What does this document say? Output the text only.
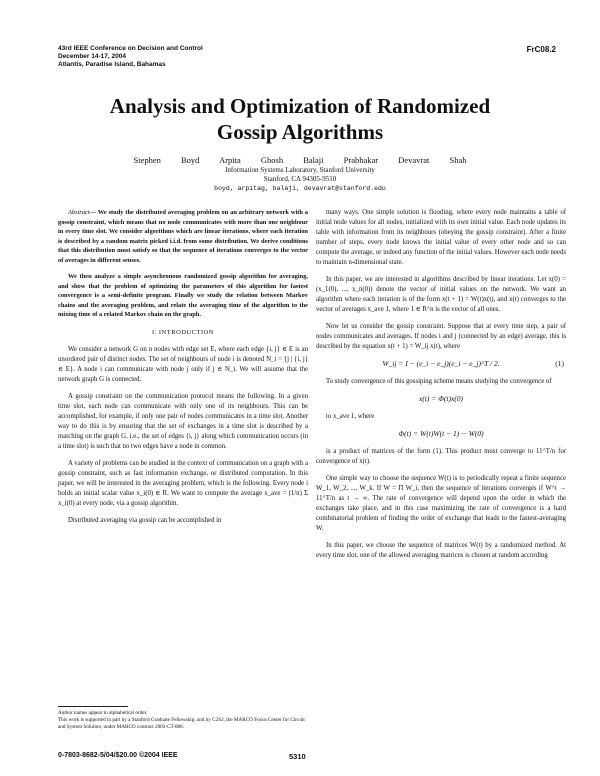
43rd IEEE Conference on Decision and Control
December 14-17, 2004
Atlantis, Paradise Island, Bahamas
FrC08.2
Analysis and Optimization of Randomized
Gossip Algorithms
Stephen Boyd Arpita Ghosh Balaji Prabhakar Devavrat Shah
Information Systems Laboratory, Stanford University
Stanford, CA 94305-9510
boyd, arpitag, balaji, devavrat@stanford.edu

Abstract— We study the distributed averaging problem on an arbitrary network with a gossip constraint, which means that no node communicates with more than one neighbour in every time slot. We consider algorithms which are linear iterations, where each iteration is described by a random matrix picked i.i.d. from some distribution. We derive conditions that this distribution must satisfy so that the sequence of iterations converges to the vector of averages in different senses.

We then analyze a simple asynchronous randomized gossip algorithm for averaging, and show that the problem of optimizing the parameters of this algorithm for fastest convergence is a semi-definite program. Finally we study the relation between Markov chains and the averaging problem, and relate the averaging time of the algorithm to the mixing time of a related Markov chain on the graph.

I. INTRODUCTION

We consider a network G on n nodes with edge set E, where each edge {i, j} ∈ E is an unordered pair of distinct nodes. The set of neighbours of node i is denoted N_i = {j | {i, j} ∈ E}. A node i can communicate with node j only if j ∈ N_i. We will assume that the network graph G is connected.

A gossip constraint on the communication protocol means the following. In a given time slot, each node can communicate with only one of its neighbours. This can be accomplished, for example, if only one pair of nodes communicates in a time slot. Another way to do this is by ensuring that the set of exchanges in a time slot is described by a matching on the graph G, i.e., the set of edges {i, j} along which communication occurs (in a time slot) is such that no two edges have a node in common.

A variety of problems can be studied in the context of communication on a graph with a gossip constraint, such as fast information exchange, or distributed computation. In this paper, we will be interested in the averaging problem, which is the following. Every node i holds an initial scalar value x_i(0) ∈ R. We want to compute the average x_ave = (1/n) Σ x_i(0) at every node, via a gossip algorithm.

Distributed averaging via gossip can be accomplished in

many ways. One simple solution is flooding, where every node maintains a table of initial node values for all nodes, initialized with its own initial value. Each node updates its table with information from its neighbours (obeying the gossip constraint). After a finite number of steps, every node knows the initial value of every other node and so can compute the average, or indeed any function of the initial values. However each node needs to maintain n-dimensional state.

In this paper, we are interested in algorithms described by linear iterations. Let x(0) = (x_1(0), ..., x_n(0)) denote the vector of initial values on the network. We want an algorithm where each iteration is of the form x(t + 1) = W(t)x(t), and x(t) converges to the vector of averages x_ave 1, where 1 ∈ R^n is the vector of all ones.

Now let us consider the gossip constraint. Suppose that at every time step, a pair of nodes communicates and averages. If nodes i and j (connected by an edge) average, this is described by the equation x(t + 1) = W_ij x(t), where

W_ij = I − (e_i − e_j)(e_i − e_j)^T / 2.	(1)

To study convergence of this gossiping scheme means studying the convergence of

x(t) = Φ(t)x(0)

to x_ave 1, where

Φ(t) = W(t)W(t − 1) ··· W(0)

is a product of matrices of the form (1). This product must converge to 11^T/n for convergence of x(t).

One simple way to choose the sequence W(t) is to periodically repeat a finite sequence W_1, W_2, ..., W_k. If W = Π W_i, then the sequence of iterations converges if W^t → 11^T/n as t → ∞. The rate of convergence will depend upon the order in which the exchanges take place, and in this case maximizing the rate of convergence is a hard combinatorial problem of finding the order of exchange that leads to the fastest-averaging W.

In this paper, we choose the sequence of matrices W(t) by a randomized method. At every time slot, one of the allowed averaging matrices is chosen at random according

Author names appear in alphabetical order.

This work is supported in part by a Stanford Graduate Fellowship, and by C2S2, the MARCO Focus Center for Circuit and System Solution, under MARCO contract 2003-CT-888.

0-7803-8682-5/04/$20.00 ©2004 IEEE	5310
